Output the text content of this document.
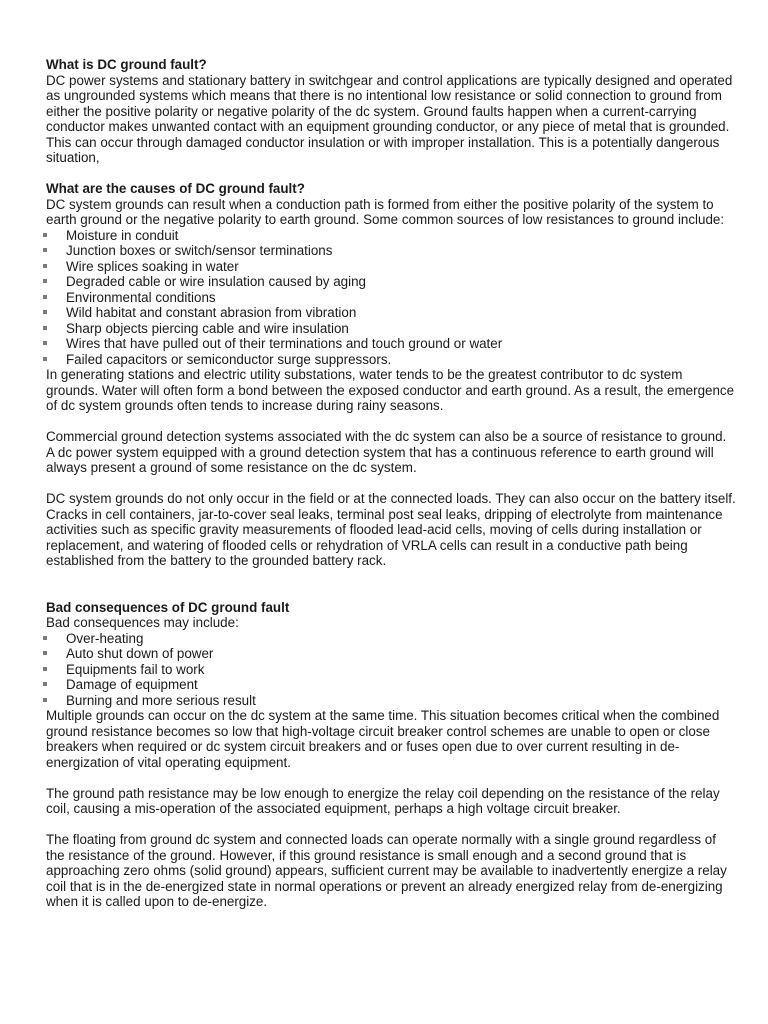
What is DC ground fault?

DC power systems and stationary battery in switchgear and control applications are typically designed and operated as ungrounded systems which means that there is no intentional low resistance or solid connection to ground from either the positive polarity or negative polarity of the dc system. Ground faults happen when a current-carrying conductor makes unwanted contact with an equipment grounding conductor, or any piece of metal that is grounded. This can occur through damaged conductor insulation or with improper installation. This is a potentially dangerous situation,

What are the causes of DC ground fault?

DC system grounds can result when a conduction path is formed from either the positive polarity of the system to earth ground or the negative polarity to earth ground. Some common sources of low resistances to ground include:

Moisture in conduit
Junction boxes or switch/sensor terminations
Wire splices soaking in water
Degraded cable or wire insulation caused by aging
Environmental conditions
Wild habitat and constant abrasion from vibration
Sharp objects piercing cable and wire insulation
Wires that have pulled out of their terminations and touch ground or water
Failed capacitors or semiconductor surge suppressors.

In generating stations and electric utility substations, water tends to be the greatest contributor to dc system grounds. Water will often form a bond between the exposed conductor and earth ground. As a result, the emergence of dc system grounds often tends to increase during rainy seasons.

Commercial ground detection systems associated with the dc system can also be a source of resistance to ground. A dc power system equipped with a ground detection system that has a continuous reference to earth ground will always present a ground of some resistance on the dc system.

DC system grounds do not only occur in the field or at the connected loads. They can also occur on the battery itself. Cracks in cell containers, jar-to-cover seal leaks, terminal post seal leaks, dripping of electrolyte from maintenance activities such as specific gravity measurements of flooded lead-acid cells, moving of cells during installation or replacement, and watering of flooded cells or rehydration of VRLA cells can result in a conductive path being established from the battery to the grounded battery rack.

Bad consequences of DC ground fault

Bad consequences may include:

Over-heating
Auto shut down of power
Equipments fail to work
Damage of equipment
Burning and more serious result

Multiple grounds can occur on the dc system at the same time. This situation becomes critical when the combined ground resistance becomes so low that high-voltage circuit breaker control schemes are unable to open or close breakers when required or dc system circuit breakers and or fuses open due to over current resulting in de-energization of vital operating equipment.

The ground path resistance may be low enough to energize the relay coil depending on the resistance of the relay coil, causing a mis-operation of the associated equipment, perhaps a high voltage circuit breaker.

The floating from ground dc system and connected loads can operate normally with a single ground regardless of the resistance of the ground. However, if this ground resistance is small enough and a second ground that is approaching zero ohms (solid ground) appears, sufficient current may be available to inadvertently energize a relay coil that is in the de-energized state in normal operations or prevent an already energized relay from de-energizing when it is called upon to de-energize.
